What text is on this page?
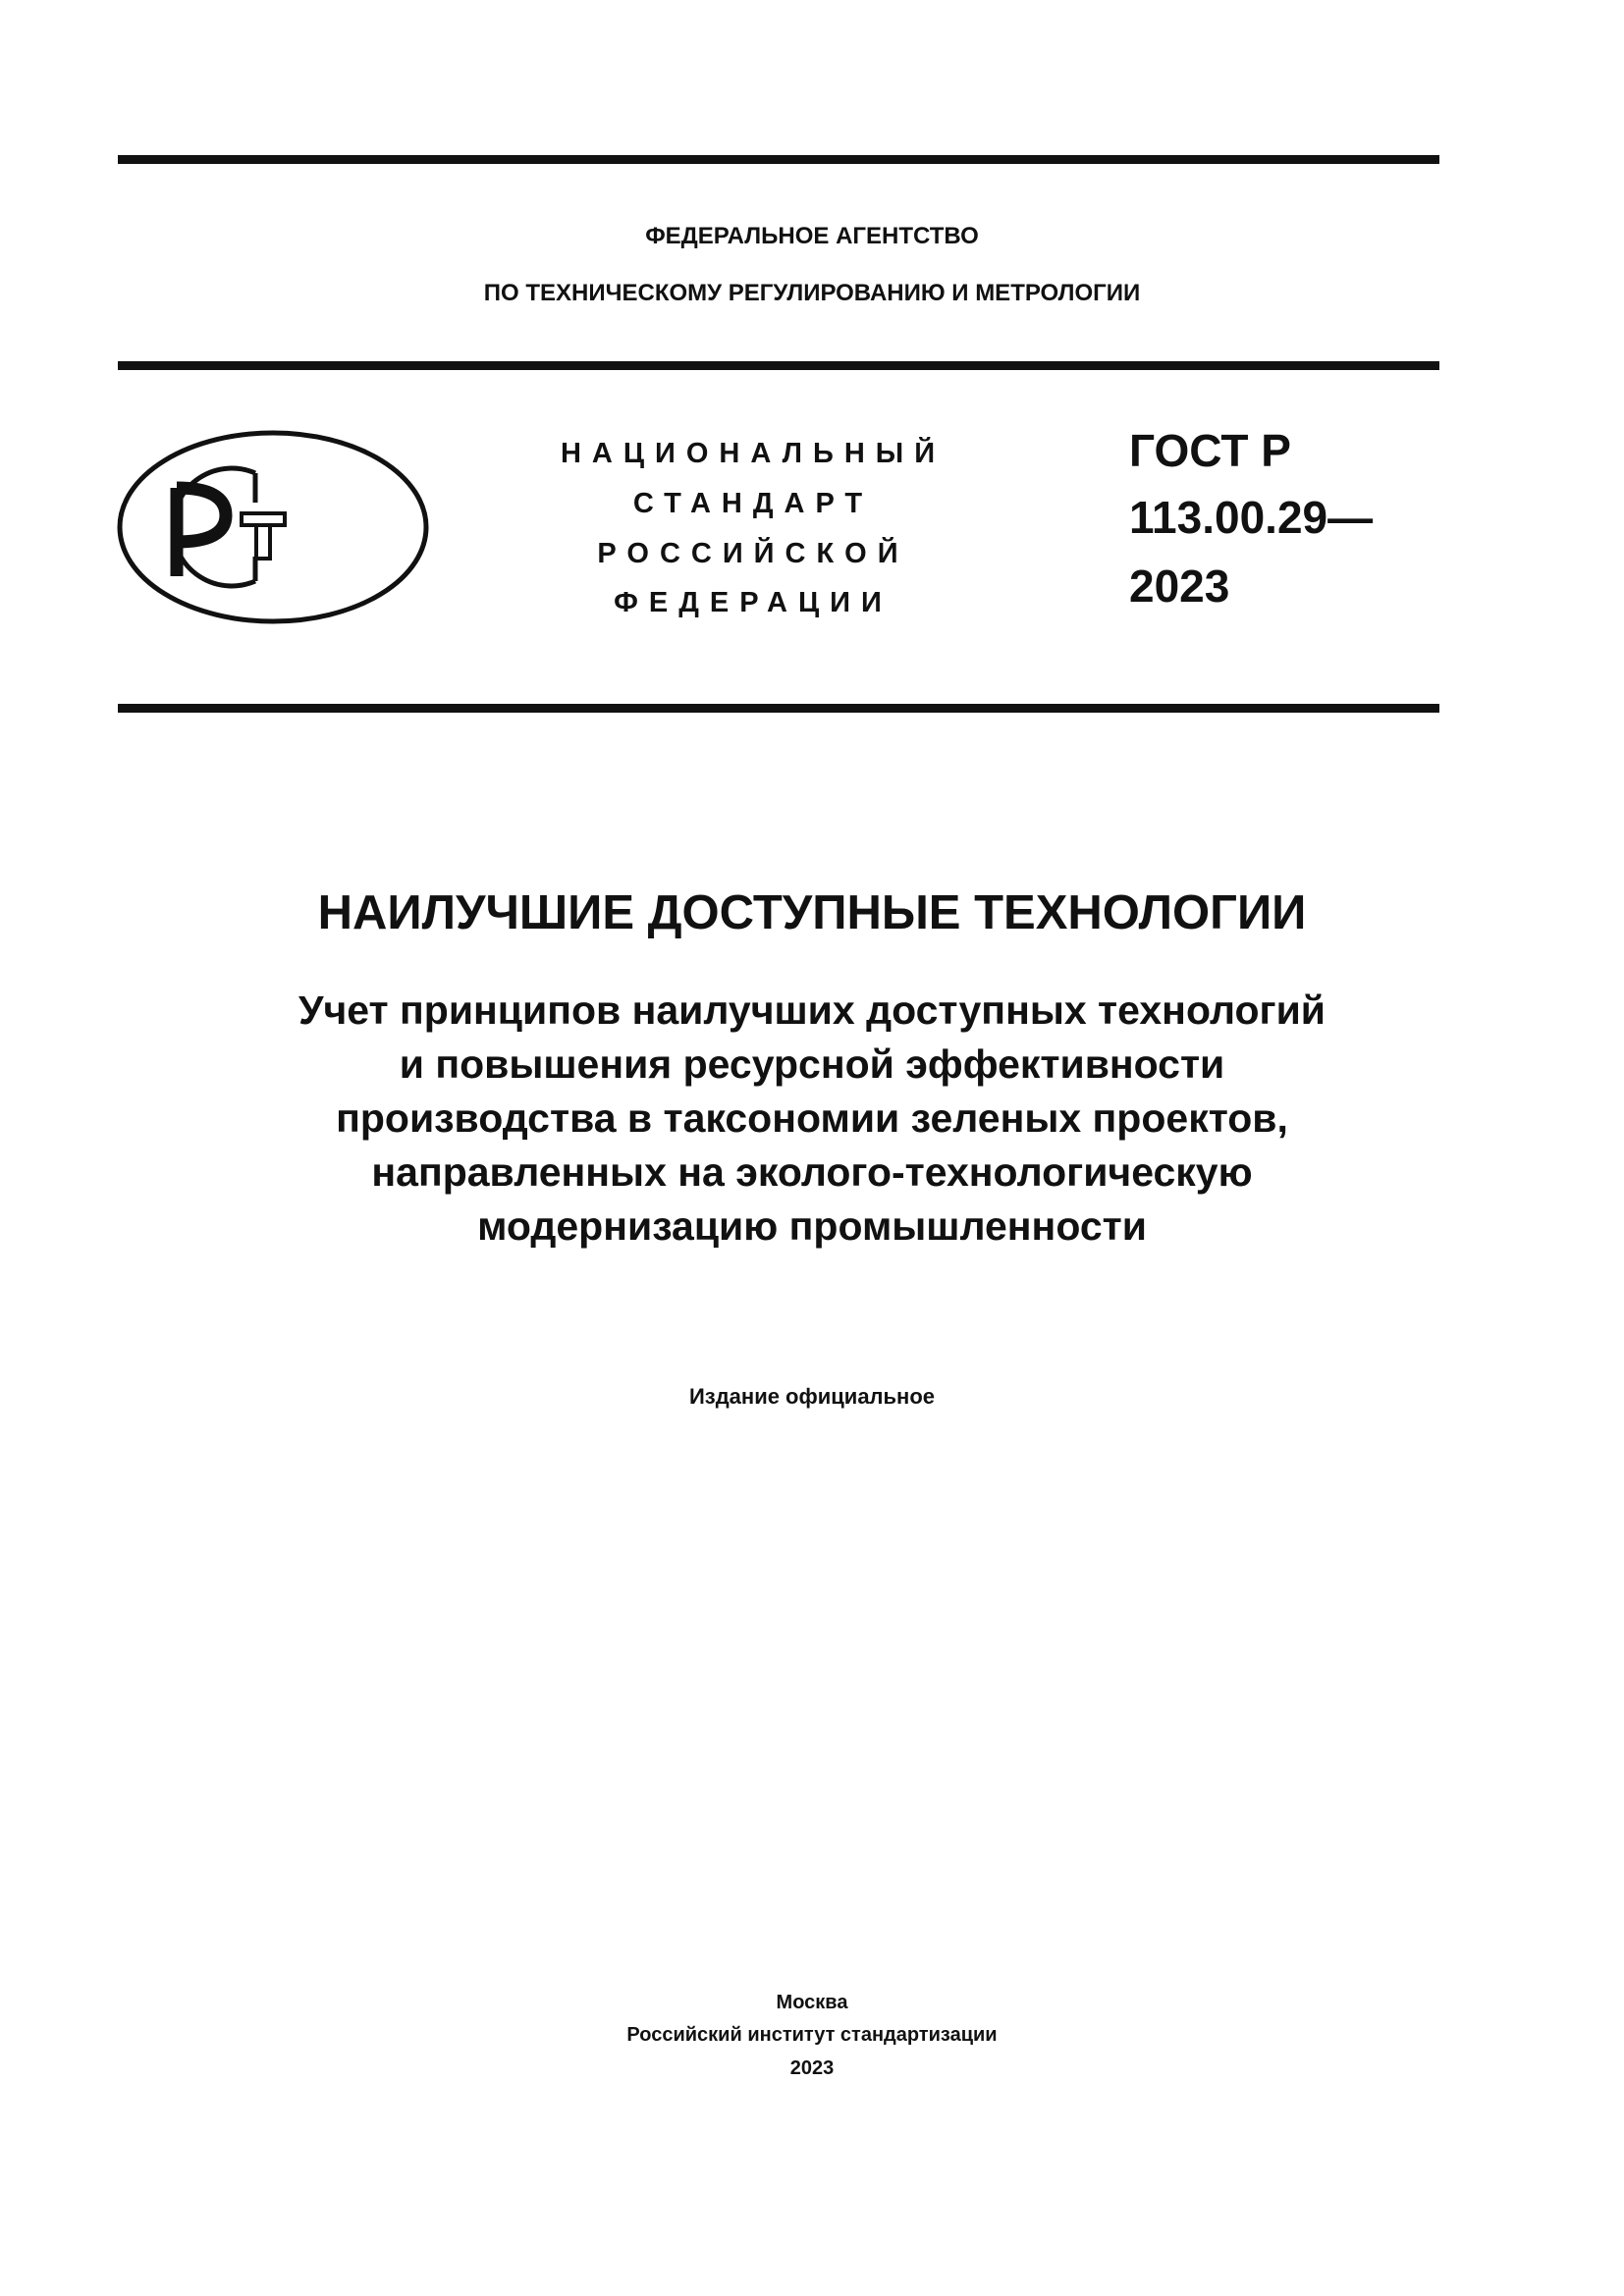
ФЕДЕРАЛЬНОЕ АГЕНТСТВО
ПО ТЕХНИЧЕСКОМУ РЕГУЛИРОВАНИЮ И МЕТРОЛОГИИ
НАЦИОНАЛЬНЫЙ
СТАНДАРТ
РОССИЙСКОЙ
ФЕДЕРАЦИИ
ГОСТ Р
113.00.29—
2023
НАИЛУЧШИЕ ДОСТУПНЫЕ ТЕХНОЛОГИИ
Учет принципов наилучших доступных технологий
и повышения ресурсной эффективности
производства в таксономии зеленых проектов,
направленных на эколого-технологическую
модернизацию промышленности
Издание официальное
Москва
Российский институт стандартизации
2023
